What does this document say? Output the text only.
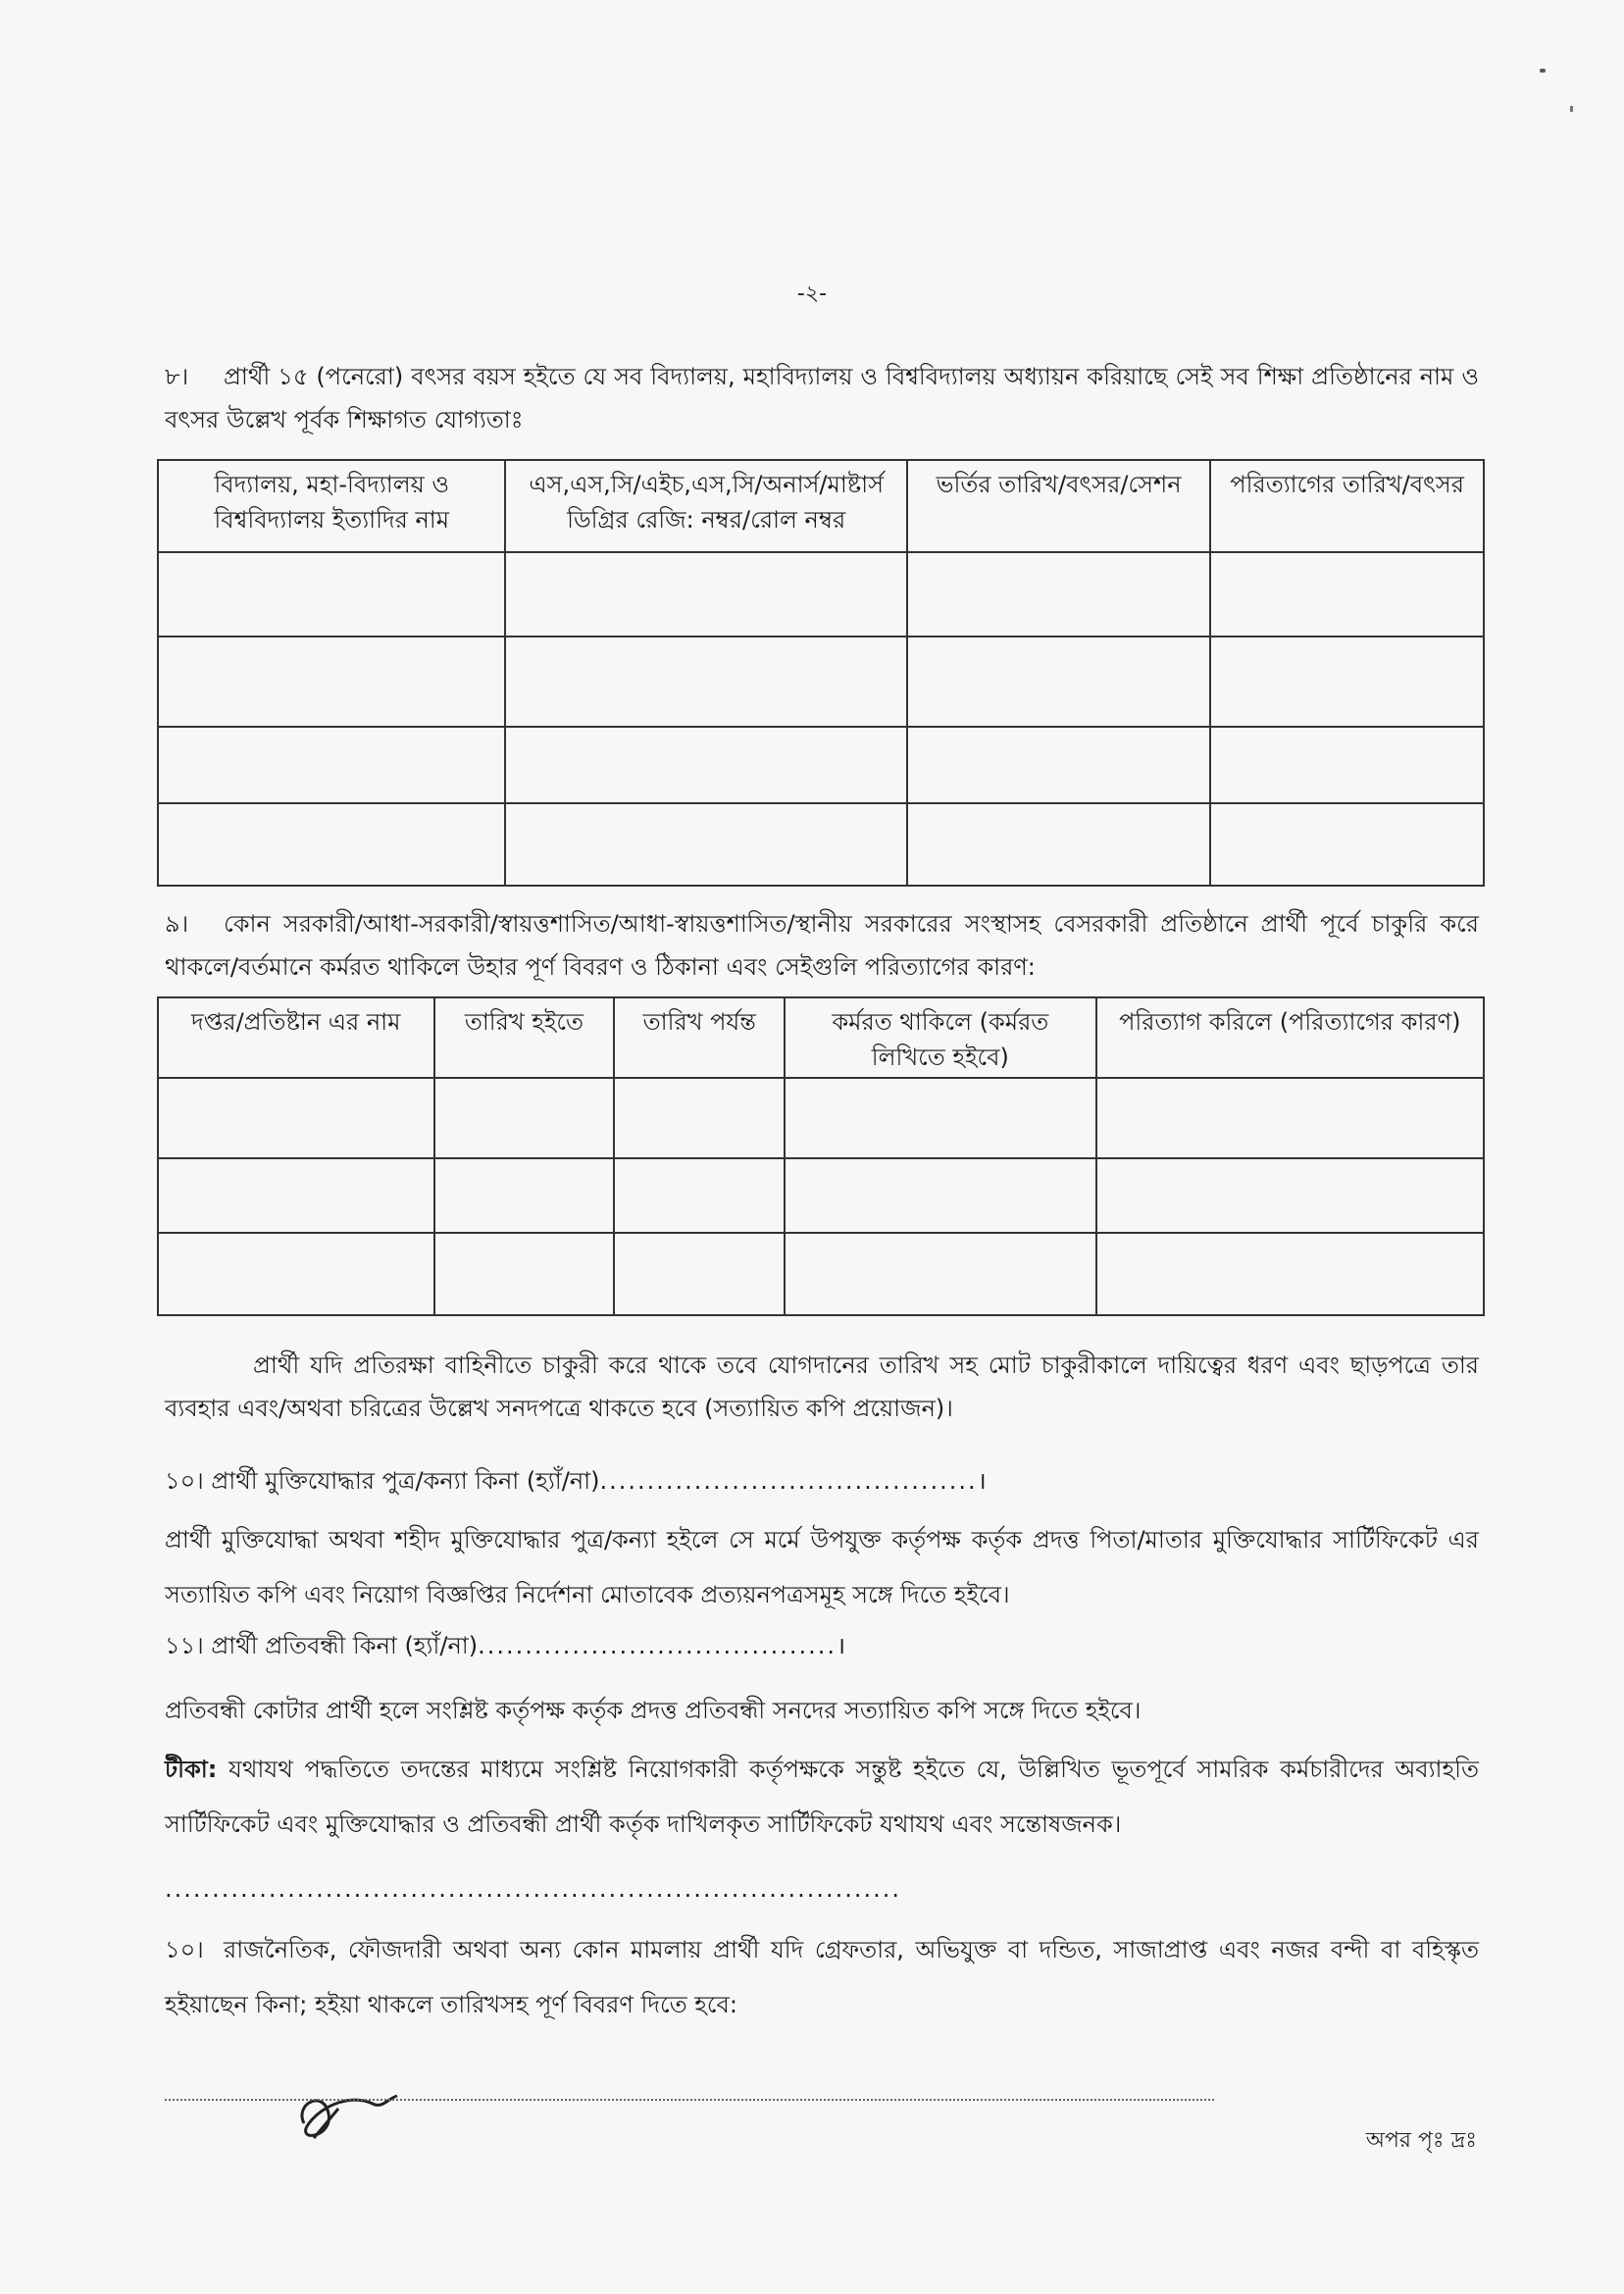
-২-
৮। প্রার্থী ১৫ (পনেরো) বৎসর বয়স হইতে যে সব বিদ্যালয়, মহাবিদ্যালয় ও বিশ্ববিদ্যালয় অধ্যায়ন করিয়াছে সেই সব শিক্ষা প্রতিষ্ঠানের নাম ও বৎসর উল্লেখ পূর্বক শিক্ষাগত যোগ্যতাঃ
বিদ্যালয়, মহা-বিদ্যালয় ও বিশ্ববিদ্যালয় ইত্যাদির নাম	এস,এস,সি/এইচ,এস,সি/অনার্স/মাষ্টার্স ডিগ্রির রেজি: নম্বর/রোল নম্বর	ভর্তির তারিখ/বৎসর/সেশন	পরিত্যাগের তারিখ/বৎসর

৯। কোন সরকারী/আধা-সরকারী/স্বায়ত্তশাসিত/আধা-স্বায়ত্তশাসিত/স্থানীয় সরকারের সংস্থাসহ বেসরকারী প্রতিষ্ঠানে প্রার্থী পূর্বে চাকুরি করে থাকলে/বর্তমানে কর্মরত থাকিলে উহার পূর্ণ বিবরণ ও ঠিকানা এবং সেইগুলি পরিত্যাগের কারণ:
দপ্তর/প্রতিষ্টান এর নাম	তারিখ হইতে	তারিখ পর্যন্ত	কর্মরত থাকিলে (কর্মরত লিখিতে হইবে)	পরিত্যাগ করিলে (পরিত্যাগের কারণ)

প্রার্থী যদি প্রতিরক্ষা বাহিনীতে চাকুরী করে থাকে তবে যোগদানের তারিখ সহ মোট চাকুরীকালে দায়িত্বের ধরণ এবং ছাড়পত্রে তার ব্যবহার এবং/অথবা চরিত্রের উল্লেখ সনদপত্রে থাকতে হবে (সত্যায়িত কপি প্রয়োজন)।
১০। প্রার্থী মুক্তিযোদ্ধার পুত্র/কন্যা কিনা (হ্যাঁ/না)........................................।
প্রার্থী মুক্তিযোদ্ধা অথবা শহীদ মুক্তিযোদ্ধার পুত্র/কন্যা হইলে সে মর্মে উপযুক্ত কর্তৃপক্ষ কর্তৃক প্রদত্ত পিতা/মাতার মুক্তিযোদ্ধার সার্টিফিকেট এর সত্যায়িত কপি এবং নিয়োগ বিজ্ঞপ্তির নির্দেশনা মোতাবেক প্রত্যয়নপত্রসমূহ সঙ্গে দিতে হইবে।
১১। প্রার্থী প্রতিবন্ধী কিনা (হ্যাঁ/না)......................................।
প্রতিবন্ধী কোটার প্রার্থী হলে সংশ্লিষ্ট কর্তৃপক্ষ কর্তৃক প্রদত্ত প্রতিবন্ধী সনদের সত্যায়িত কপি সঙ্গে দিতে হইবে।
টীকা: যথাযথ পদ্ধতিতে তদন্তের মাধ্যমে সংশ্লিষ্ট নিয়োগকারী কর্তৃপক্ষকে সন্তুষ্ট হইতে যে, উল্লিখিত ভূতপূর্বে সামরিক কর্মচারীদের অব্যাহতি সার্টিফিকেট এবং মুক্তিযোদ্ধার ও প্রতিবন্ধী প্রার্থী কর্তৃক দাখিলকৃত সার্টিফিকেট যথাযথ এবং সন্তোষজনক।
..............................................................................
১০। রাজনৈতিক, ফৌজদারী অথবা অন্য কোন মামলায় প্রার্থী যদি গ্রেফতার, অভিযুক্ত বা দন্ডিত, সাজাপ্রাপ্ত এবং নজর বন্দী বা বহিস্কৃত হইয়াছেন কিনা; হইয়া থাকলে তারিখসহ পূর্ণ বিবরণ দিতে হবে:
অপর পৃঃ দ্রঃ
